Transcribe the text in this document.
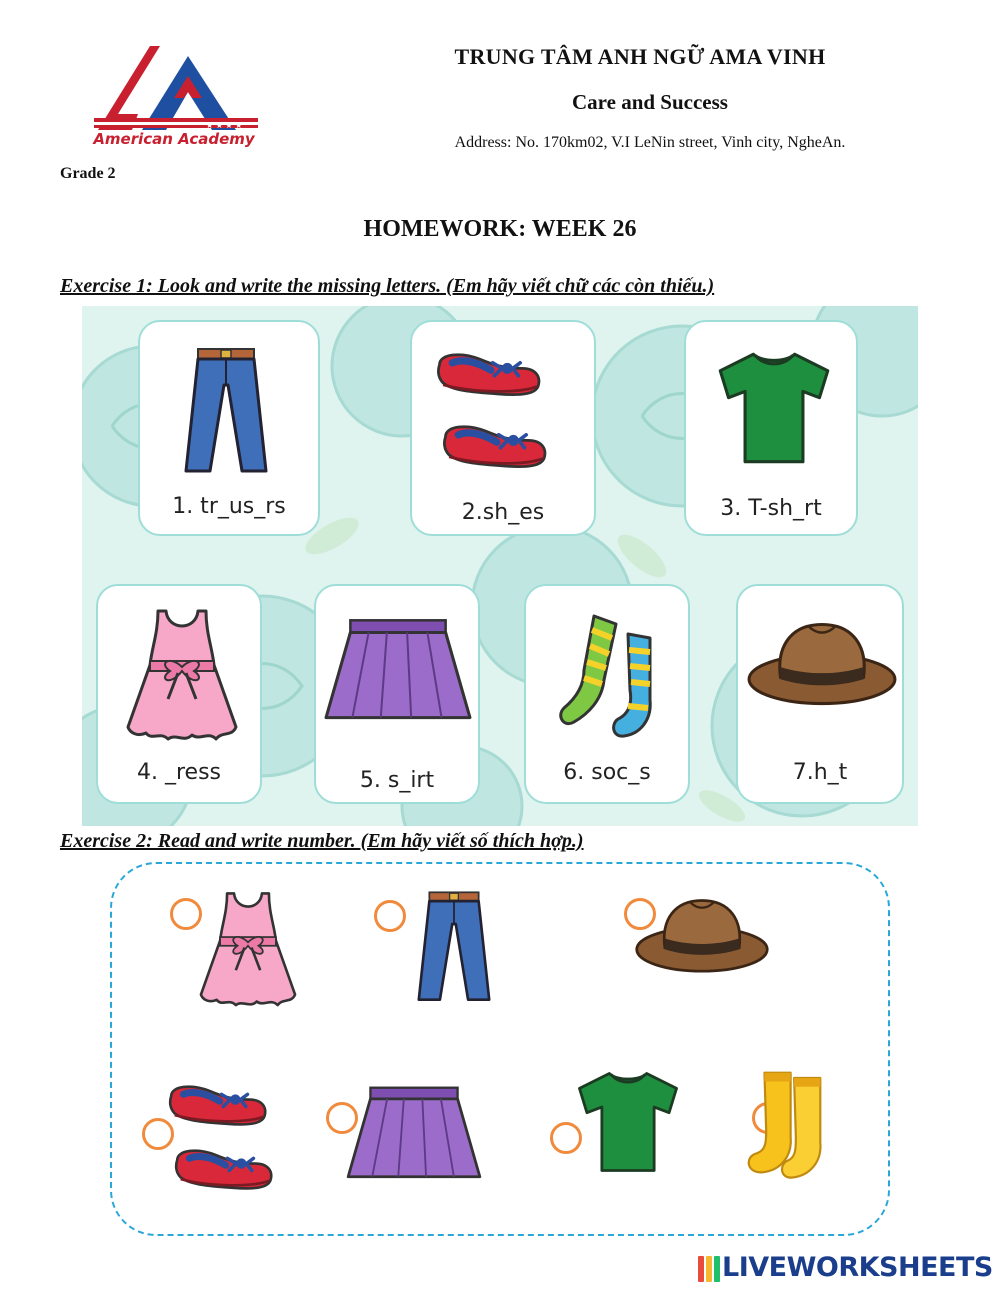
★ ★ ★ ★
American Academy
TRUNG TÂM ANH NGỮ AMA VINH
Care and Success
Address: No. 170km02, V.I LeNin street, Vinh city, NgheAn.
Grade 2
HOMEWORK: WEEK 26
Exercise 1: Look and write the missing letters. (Em hãy viết chữ các còn thiếu.)
1. tr_us_rs	2.sh_es	3. T-sh_rt
4. _ress	5. s_irt	6. soc_s	7.h_t
Exercise 2: Read and write number. (Em hãy viết số thích hợp.)
LIVEWORKSHEETS
